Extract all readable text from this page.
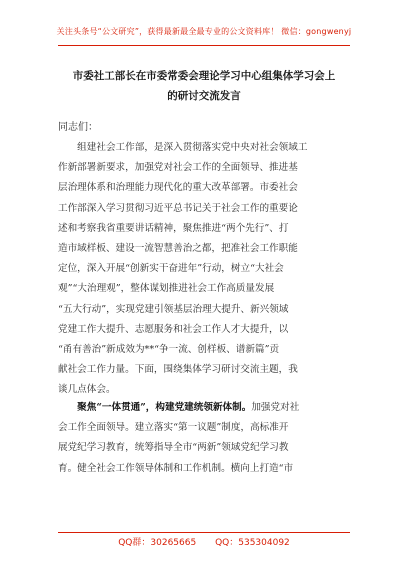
关注头条号“公文研究”，获得最新最全最专业的公文资料库！ 微信：gongwenyj
市委社工部长在市委常委会理论学习中心组集体学习会上
的研讨交流发言
同志们：
　　组建社会工作部，是深入贯彻落实党中央对社会领域工
作新部署新要求，加强党对社会工作的全面领导、推进基
层治理体系和治理能力现代化的重大改革部署。市委社会
工作部深入学习贯彻习近平总书记关于社会工作的重要论
述和考察我省重要讲话精神，聚焦推进“两个先行”、打
造市域样板、建设一流智慧善治之都，把准社会工作职能
定位，深入开展“创新实干奋进年”行动，树立“大社会
观”“大治理观”，整体谋划推进社会工作高质量发展
“五大行动”，实现党建引领基层治理大提升、新兴领域
党建工作大提升、志愿服务和社会工作人才大提升，以
“甬有善治”新成效为**“争一流、创样板、谱新篇”贡
献社会工作力量。下面，围绕集体学习研讨交流主题，我
谈几点体会。
　　聚焦“一体贯通”，构建党建统领新体制。加强党对社
会工作全面领导。建立落实“第一议题”制度，高标准开
展党纪学习教育，统筹指导全市“两新”领域党纪学习教
育。健全社会工作领导体制和工作机制。横向上打造“市
QQ群：30265665 QQ：535304092
